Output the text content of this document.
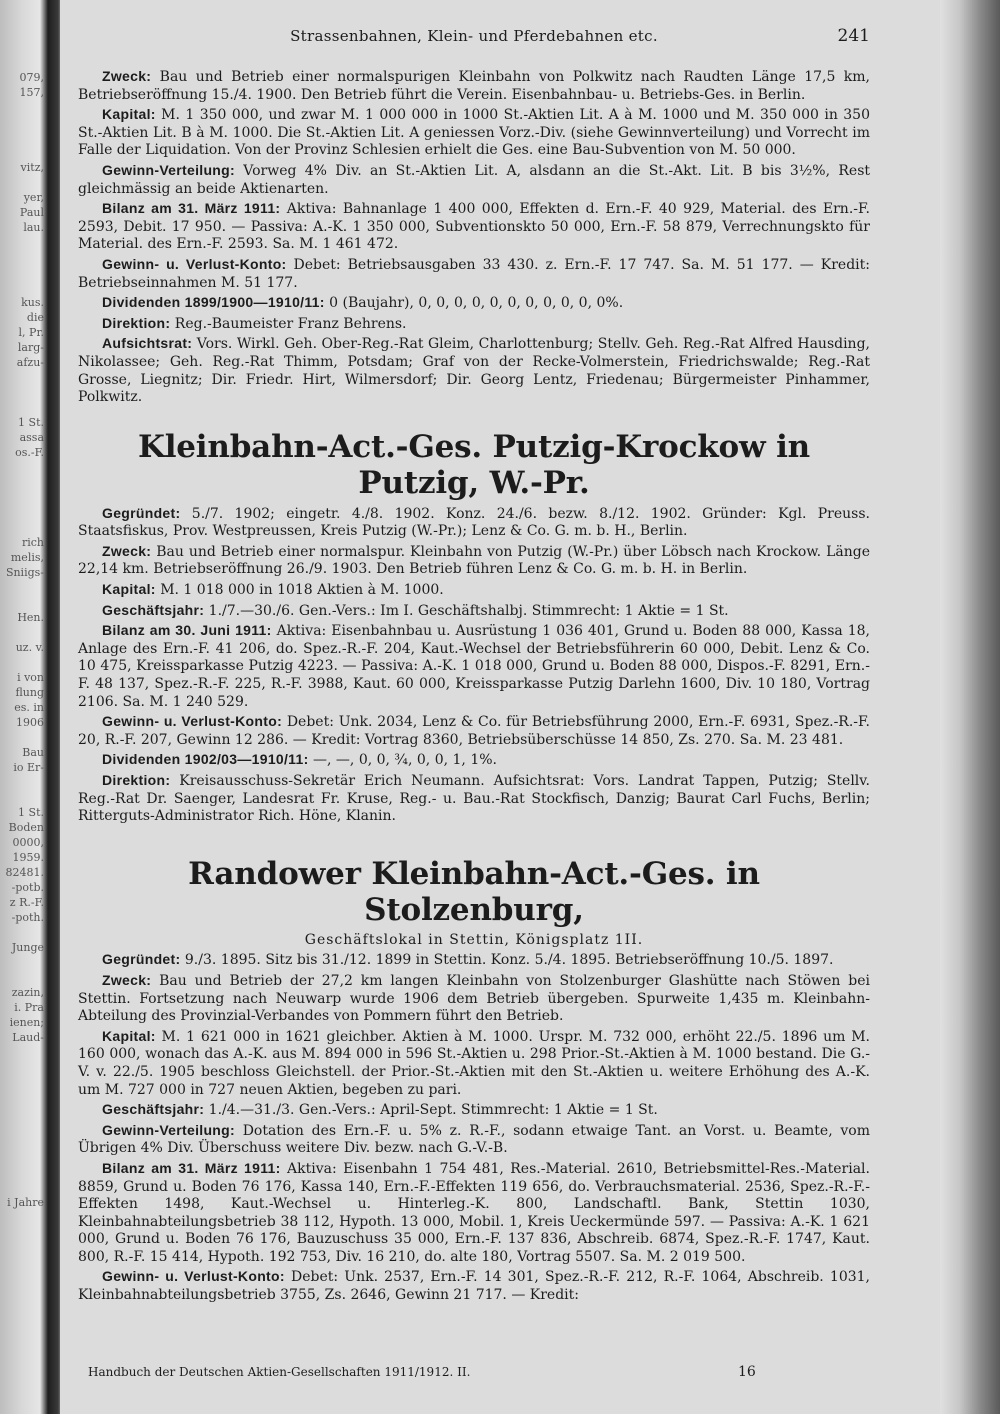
079,
157,

vitz,

yer,
Paul
lau.

kus.
die
l, Pr.
larg-
afzu-

1 St.
assa
os.-F.

rich
melis,
Sniigs-

Hen.

uz. v.

i von
flung
es. in
1906

Bau
io Er-

1 St.
Boden
0000,
1959.
82481.
-potb.
z R.-F.
-poth.

Junge

zazin,
i. Pra
ienen;
Laud-

i Jahre
Strassenbahnen, Klein- und Pferdebahnen etc.	241

Zweck: Bau und Betrieb einer normalspurigen Kleinbahn von Polkwitz nach Raudten Länge 17,5 km, Betriebseröffnung 15./4. 1900. Den Betrieb führt die Verein. Eisenbahnbau- u. Betriebs-Ges. in Berlin.

Kapital: M. 1 350 000, und zwar M. 1 000 000 in 1000 St.-Aktien Lit. A à M. 1000 und M. 350 000 in 350 St.-Aktien Lit. B à M. 1000. Die St.-Aktien Lit. A geniessen Vorz.-Div. (siehe Gewinnverteilung) und Vorrecht im Falle der Liquidation. Von der Provinz Schlesien erhielt die Ges. eine Bau-Subvention von M. 50 000.

Gewinn-Verteilung: Vorweg 4% Div. an St.-Aktien Lit. A, alsdann an die St.-Akt. Lit. B bis 3½%, Rest gleichmässig an beide Aktienarten.

Bilanz am 31. März 1911: Aktiva: Bahnanlage 1 400 000, Effekten d. Ern.-F. 40 929, Material. des Ern.-F. 2593, Debit. 17 950. — Passiva: A.-K. 1 350 000, Subventionskto 50 000, Ern.-F. 58 879, Verrechnungskto für Material. des Ern.-F. 2593. Sa. M. 1 461 472.

Gewinn- u. Verlust-Konto: Debet: Betriebsausgaben 33 430. z. Ern.-F. 17 747. Sa. M. 51 177. — Kredit: Betriebseinnahmen M. 51 177.

Dividenden 1899/1900—1910/11: 0 (Baujahr), 0, 0, 0, 0, 0, 0, 0, 0, 0, 0, 0%.

Direktion: Reg.-Baumeister Franz Behrens.

Aufsichtsrat: Vors. Wirkl. Geh. Ober-Reg.-Rat Gleim, Charlottenburg; Stellv. Geh. Reg.-Rat Alfred Hausding, Nikolassee; Geh. Reg.-Rat Thimm, Potsdam; Graf von der Recke-Volmerstein, Friedrichswalde; Reg.-Rat Grosse, Liegnitz; Dir. Friedr. Hirt, Wilmersdorf; Dir. Georg Lentz, Friedenau; Bürgermeister Pinhammer, Polkwitz.

Kleinbahn-Act.-Ges. Putzig-Krockow in Putzig, W.-Pr.

Gegründet: 5./7. 1902; eingetr. 4./8. 1902. Konz. 24./6. bezw. 8./12. 1902. Gründer: Kgl. Preuss. Staatsfiskus, Prov. Westpreussen, Kreis Putzig (W.-Pr.); Lenz & Co. G. m. b. H., Berlin.

Zweck: Bau und Betrieb einer normalspur. Kleinbahn von Putzig (W.-Pr.) über Löbsch nach Krockow. Länge 22,14 km. Betriebseröffnung 26./9. 1903. Den Betrieb führen Lenz & Co. G. m. b. H. in Berlin.

Kapital: M. 1 018 000 in 1018 Aktien à M. 1000.

Geschäftsjahr: 1./7.—30./6. Gen.-Vers.: Im I. Geschäftshalbj. Stimmrecht: 1 Aktie = 1 St.

Bilanz am 30. Juni 1911: Aktiva: Eisenbahnbau u. Ausrüstung 1 036 401, Grund u. Boden 88 000, Kassa 18, Anlage des Ern.-F. 41 206, do. Spez.-R.-F. 204, Kaut.-Wechsel der Betriebsführerin 60 000, Debit. Lenz & Co. 10 475, Kreissparkasse Putzig 4223. — Passiva: A.-K. 1 018 000, Grund u. Boden 88 000, Dispos.-F. 8291, Ern.-F. 48 137, Spez.-R.-F. 225, R.-F. 3988, Kaut. 60 000, Kreissparkasse Putzig Darlehn 1600, Div. 10 180, Vortrag 2106. Sa. M. 1 240 529.

Gewinn- u. Verlust-Konto: Debet: Unk. 2034, Lenz & Co. für Betriebsführung 2000, Ern.-F. 6931, Spez.-R.-F. 20, R.-F. 207, Gewinn 12 286. — Kredit: Vortrag 8360, Betriebsüberschüsse 14 850, Zs. 270. Sa. M. 23 481.

Dividenden 1902/03—1910/11: —, —, 0, 0, ¾, 0, 0, 1, 1%.

Direktion: Kreisausschuss-Sekretär Erich Neumann. Aufsichtsrat: Vors. Landrat Tappen, Putzig; Stellv. Reg.-Rat Dr. Saenger, Landesrat Fr. Kruse, Reg.- u. Bau.-Rat Stockfisch, Danzig; Baurat Carl Fuchs, Berlin; Ritterguts-Administrator Rich. Höne, Klanin.

Randower Kleinbahn-Act.-Ges. in Stolzenburg,
Geschäftslokal in Stettin, Königsplatz 1II.

Gegründet: 9./3. 1895. Sitz bis 31./12. 1899 in Stettin. Konz. 5./4. 1895. Betriebseröffnung 10./5. 1897.

Zweck: Bau und Betrieb der 27,2 km langen Kleinbahn von Stolzenburger Glashütte nach Stöwen bei Stettin. Fortsetzung nach Neuwarp wurde 1906 dem Betrieb übergeben. Spurweite 1,435 m. Kleinbahn-Abteilung des Provinzial-Verbandes von Pommern führt den Betrieb.

Kapital: M. 1 621 000 in 1621 gleichber. Aktien à M. 1000. Urspr. M. 732 000, erhöht 22./5. 1896 um M. 160 000, wonach das A.-K. aus M. 894 000 in 596 St.-Aktien u. 298 Prior.-St.-Aktien à M. 1000 bestand. Die G.-V. v. 22./5. 1905 beschloss Gleichstell. der Prior.-St.-Aktien mit den St.-Aktien u. weitere Erhöhung des A.-K. um M. 727 000 in 727 neuen Aktien, begeben zu pari.

Geschäftsjahr: 1./4.—31./3. Gen.-Vers.: April-Sept. Stimmrecht: 1 Aktie = 1 St.

Gewinn-Verteilung: Dotation des Ern.-F. u. 5% z. R.-F., sodann etwaige Tant. an Vorst. u. Beamte, vom Übrigen 4% Div. Überschuss weitere Div. bezw. nach G.-V.-B.

Bilanz am 31. März 1911: Aktiva: Eisenbahn 1 754 481, Res.-Material. 2610, Betriebsmittel-Res.-Material. 8859, Grund u. Boden 76 176, Kassa 140, Ern.-F.-Effekten 119 656, do. Verbrauchsmaterial. 2536, Spez.-R.-F.-Effekten 1498, Kaut.-Wechsel u. Hinterleg.-K. 800, Landschaftl. Bank, Stettin 1030, Kleinbahnabteilungsbetrieb 38 112, Hypoth. 13 000, Mobil. 1, Kreis Ueckermünde 597. — Passiva: A.-K. 1 621 000, Grund u. Boden 76 176, Bauzuschuss 35 000, Ern.-F. 137 836, Abschreib. 6874, Spez.-R.-F. 1747, Kaut. 800, R.-F. 15 414, Hypoth. 192 753, Div. 16 210, do. alte 180, Vortrag 5507. Sa. M. 2 019 500.

Gewinn- u. Verlust-Konto: Debet: Unk. 2537, Ern.-F. 14 301, Spez.-R.-F. 212, R.-F. 1064, Abschreib. 1031, Kleinbahnabteilungsbetrieb 3755, Zs. 2646, Gewinn 21 717. — Kredit:

Handbuch der Deutschen Aktien-Gesellschaften 1911/1912. II.	16
